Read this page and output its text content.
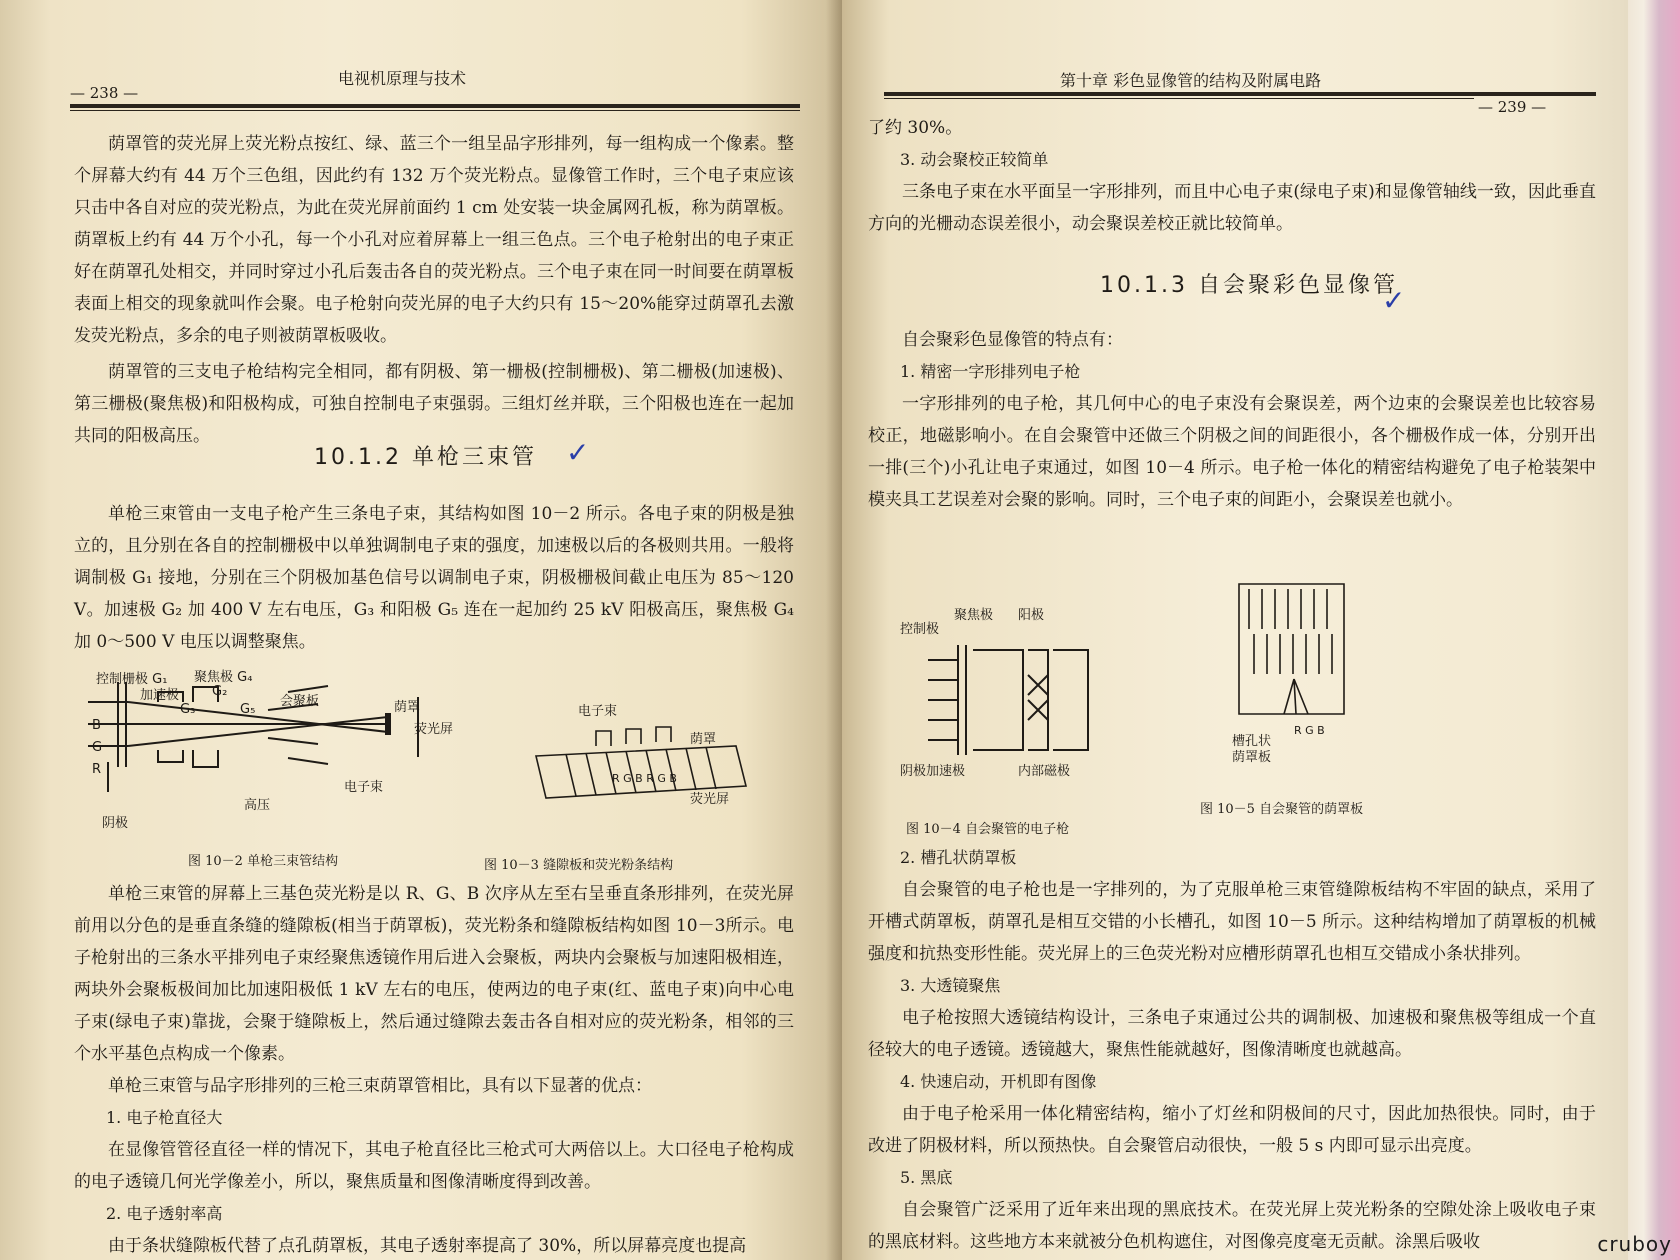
— 238 —
电视机原理与技术

荫罩管的荧光屏上荧光粉点按红、绿、蓝三个一组呈品字形排列，每一组构成一个像素。整个屏幕大约有 44 万个三色组，因此约有 132 万个荧光粉点。显像管工作时，三个电子束应该只击中各自对应的荧光粉点，为此在荧光屏前面约 1 cm 处安装一块金属网孔板，称为荫罩板。荫罩板上约有 44 万个小孔，每一个小孔对应着屏幕上一组三色点。三个电子枪射出的电子束正好在荫罩孔处相交，并同时穿过小孔后轰击各自的荧光粉点。三个电子束在同一时间要在荫罩板表面上相交的现象就叫作会聚。电子枪射向荧光屏的电子大约只有 15～20%能穿过荫罩孔去激发荧光粉点，多余的电子则被荫罩板吸收。

荫罩管的三支电子枪结构完全相同，都有阴极、第一栅极(控制栅极)、第二栅极(加速极)、第三栅极(聚焦极)和阳极构成，可独自控制电子束强弱。三组灯丝并联，三个阳极也连在一起加共同的阳极高压。

10.1.2 单枪三束管 ✓

单枪三束管由一支电子枪产生三条电子束，其结构如图 10－2 所示。各电子束的阴极是独立的，且分别在各自的控制栅极中以单独调制电子束的强度，加速极以后的各极则共用。一般将调制极 G₁ 接地，分别在三个阴极加基色信号以调制电子束，阴极栅极间截止电压为 85～120 V。加速极 G₂ 加 400 V 左右电压，G₃ 和阳极 G₅ 连在一起加约 25 kV 阳极高压，聚焦极 G₄ 加 0～500 V 电压以调整聚焦。

控制栅极 G₁ 聚焦极 G₄
加速极	G₂
G₃	G₅
会聚板	荫罩
荧光屏
电子束
高压
阴极
B
G
R
图 10－2 单枪三束管结构
电子束
荫罩
荧光屏
R G B R G B
图 10－3 缝隙板和荧光粉条结构

单枪三束管的屏幕上三基色荧光粉是以 R、G、B 次序从左至右呈垂直条形排列，在荧光屏前用以分色的是垂直条缝的缝隙板(相当于荫罩板)，荧光粉条和缝隙板结构如图 10－3所示。电子枪射出的三条水平排列电子束经聚焦透镜作用后进入会聚板，两块内会聚板与加速阳极相连，两块外会聚板极间加比加速阳极低 1 kV 左右的电压，使两边的电子束(红、蓝电子束)向中心电子束(绿电子束)靠拢，会聚于缝隙板上，然后通过缝隙去轰击各自相对应的荧光粉条，相邻的三个水平基色点构成一个像素。

单枪三束管与品字形排列的三枪三束荫罩管相比，具有以下显著的优点：

1. 电子枪直径大

在显像管管径直径一样的情况下，其电子枪直径比三枪式可大两倍以上。大口径电子枪构成的电子透镜几何光学像差小，所以，聚焦质量和图像清晰度得到改善。

2. 电子透射率高

由于条状缝隙板代替了点孔荫罩板，其电子透射率提高了 30%，所以屏幕亮度也提高

第十章 彩色显像管的结构及附属电路
— 239 —

了约 30%。

3. 动会聚校正较简单

三条电子束在水平面呈一字形排列，而且中心电子束(绿电子束)和显像管轴线一致，因此垂直方向的光栅动态误差很小，动会聚误差校正就比较简单。

10.1.3 自会聚彩色显像管
✓

自会聚彩色显像管的特点有：

1. 精密一字形排列电子枪

一字形排列的电子枪，其几何中心的电子束没有会聚误差，两个边束的会聚误差也比较容易校正，地磁影响小。在自会聚管中还做三个阴极之间的间距很小，各个栅极作成一体，分别开出一排(三个)小孔让电子束通过，如图 10－4 所示。电子枪一体化的精密结构避免了电子枪装架中模夹具工艺误差对会聚的影响。同时，三个电子束的间距小，会聚误差也就小。

控制极
聚焦极 阳极
阴极加速极	内部磁极
图 10－4 自会聚管的电子枪
R G B
槽孔状荫罩板
图 10－5 自会聚管的荫罩板

2. 槽孔状荫罩板

自会聚管的电子枪也是一字排列的，为了克服单枪三束管缝隙板结构不牢固的缺点，采用了开槽式荫罩板，荫罩孔是相互交错的小长槽孔，如图 10－5 所示。这种结构增加了荫罩板的机械强度和抗热变形性能。荧光屏上的三色荧光粉对应槽形荫罩孔也相互交错成小条状排列。

3. 大透镜聚焦

电子枪按照大透镜结构设计，三条电子束通过公共的调制极、加速极和聚焦极等组成一个直径较大的电子透镜。透镜越大，聚焦性能就越好，图像清晰度也就越高。

4. 快速启动，开机即有图像

由于电子枪采用一体化精密结构，缩小了灯丝和阴极间的尺寸，因此加热很快。同时，由于改进了阴极材料，所以预热快。自会聚管启动很快，一般 5 s 内即可显示出亮度。

5. 黑底

自会聚管广泛采用了近年来出现的黑底技术。在荧光屏上荧光粉条的空隙处涂上吸收电子束的黑底材料。这些地方本来就被分色机构遮住，对图像亮度毫无贡献。涂黑后吸收	cruboy
